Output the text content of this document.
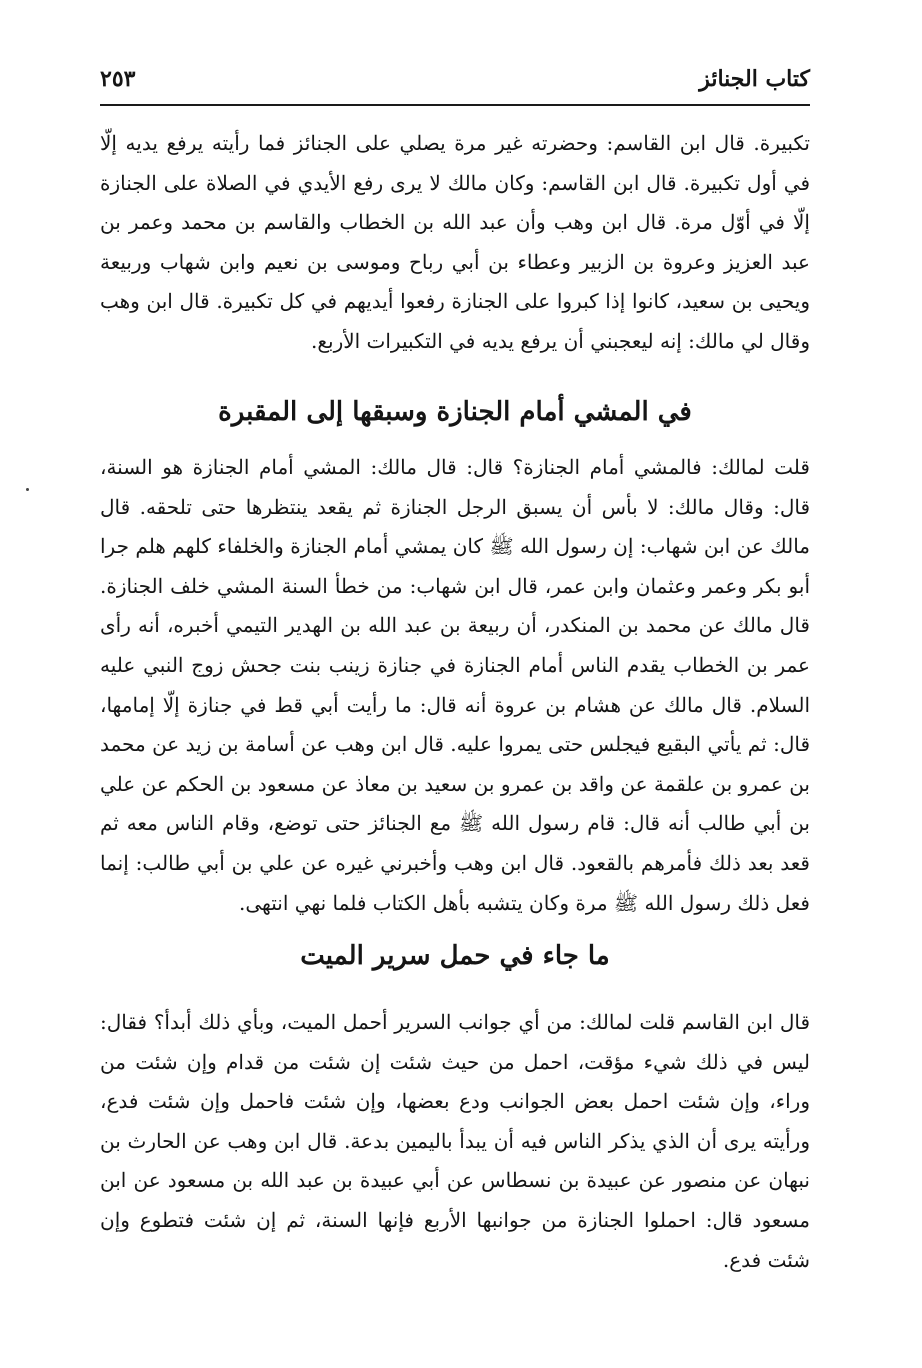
كتاب الجنائز
٢٥٣

تكبيرة. قال ابن القاسم: وحضرته غير مرة يصلي على الجنائز فما رأيته يرفع يديه إلّا في أول تكبيرة. قال ابن القاسم: وكان مالك لا يرى رفع الأيدي في الصلاة على الجنازة إلّا في أوّل مرة. قال ابن وهب وأن عبد الله بن الخطاب والقاسم بن محمد وعمر بن عبد العزيز وعروة بن الزبير وعطاء بن أبي رباح وموسى بن نعيم وابن شهاب وربيعة ويحيى بن سعيد، كانوا إذا كبروا على الجنازة رفعوا أيديهم في كل تكبيرة. قال ابن وهب وقال لي مالك: إنه ليعجبني أن يرفع يديه في التكبيرات الأربع.

في المشي أمام الجنازة وسبقها إلى المقبرة

قلت لمالك: فالمشي أمام الجنازة؟ قال: قال مالك: المشي أمام الجنازة هو السنة، قال: وقال مالك: لا بأس أن يسبق الرجل الجنازة ثم يقعد ينتظرها حتى تلحقه. قال مالك عن ابن شهاب: إن رسول الله ﷺ كان يمشي أمام الجنازة والخلفاء كلهم هلم جرا أبو بكر وعمر وعثمان وابن عمر، قال ابن شهاب: من خطأ السنة المشي خلف الجنازة. قال مالك عن محمد بن المنكدر، أن ربيعة بن عبد الله بن الهدير التيمي أخبره، أنه رأى عمر بن الخطاب يقدم الناس أمام الجنازة في جنازة زينب بنت جحش زوج النبي عليه السلام. قال مالك عن هشام بن عروة أنه قال: ما رأيت أبي قط في جنازة إلّا إمامها، قال: ثم يأتي البقيع فيجلس حتى يمروا عليه. قال ابن وهب عن أسامة بن زيد عن محمد بن عمرو بن علقمة عن واقد بن عمرو بن سعيد بن معاذ عن مسعود بن الحكم عن علي بن أبي طالب أنه قال: قام رسول الله ﷺ مع الجنائز حتى توضع، وقام الناس معه ثم قعد بعد ذلك فأمرهم بالقعود. قال ابن وهب وأخبرني غيره عن علي بن أبي طالب: إنما فعل ذلك رسول الله ﷺ مرة وكان يتشبه بأهل الكتاب فلما نهي انتهى.

ما جاء في حمل سرير الميت

قال ابن القاسم قلت لمالك: من أي جوانب السرير أحمل الميت، وبأي ذلك أبدأ؟ فقال: ليس في ذلك شيء مؤقت، احمل من حيث شئت إن شئت من قدام وإن شئت من وراء، وإن شئت احمل بعض الجوانب ودع بعضها، وإن شئت فاحمل وإن شئت فدع، ورأيته يرى أن الذي يذكر الناس فيه أن يبدأ باليمين بدعة. قال ابن وهب عن الحارث بن نبهان عن منصور عن عبيدة بن نسطاس عن أبي عبيدة بن عبد الله بن مسعود عن ابن مسعود قال: احملوا الجنازة من جوانبها الأربع فإنها السنة، ثم إن شئت فتطوع وإن شئت فدع.
